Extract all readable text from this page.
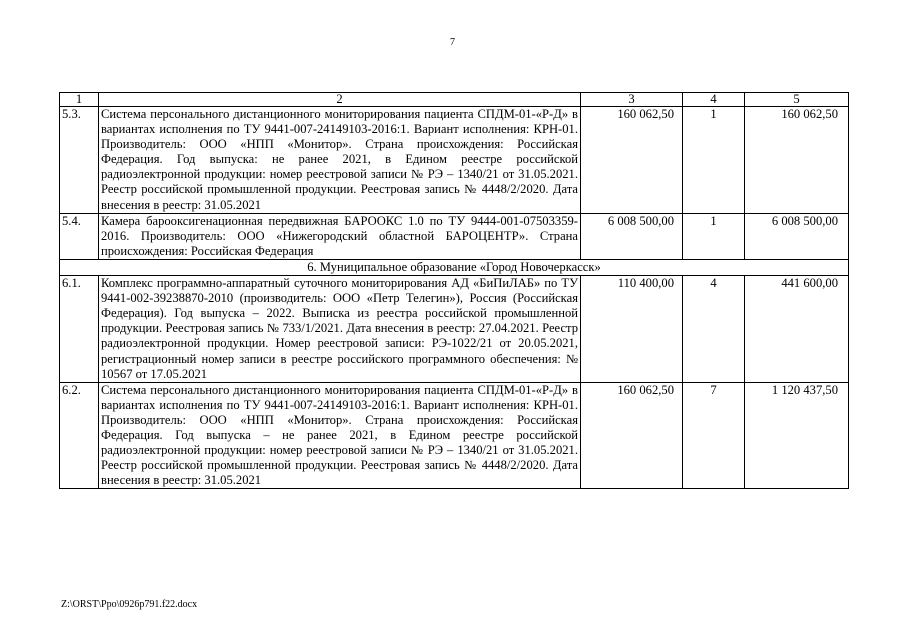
7
1	2	3	4	5
5.3.	Система персонального дистанционного мониторирования пациента СПДМ-01-«Р-Д» в вариантах исполнения по ТУ 9441-007-24149103-2016:1. Вариант исполнения: КРН-01. Производитель: ООО «НПП «Монитор». Страна происхождения: Российская Федерация. Год выпуска: не ранее 2021, в Едином реестре российской радиоэлектронной продукции: номер реестровой записи № РЭ – 1340/21 от 31.05.2021. Реестр российской промышленной продукции. Реестровая запись № 4448/2/2020. Дата внесения в реестр: 31.05.2021	160 062,50	1	160 062,50
5.4.	Камера барооксигенационная передвижная БАРООКС 1.0 по ТУ 9444-001-07503359-2016. Производитель: ООО «Нижегородский областной БАРОЦЕНТР». Страна происхождения: Российская Федерация	6 008 500,00	1	6 008 500,00
6. Муниципальное образование «Город Новочеркасск»				
6.1.	Комплекс программно-аппаратный суточного мониторирования АД «БиПиЛАБ» по ТУ 9441-002-39238870-2010 (производитель: ООО «Петр Телегин»), Россия (Российская Федерация). Год выпуска – 2022. Выписка из реестра российской промышленной продукции. Реестровая запись № 733/1/2021. Дата внесения в реестр: 27.04.2021. Реестр радиоэлектронной продукции. Номер реестровой записи: РЭ-1022/21 от 20.05.2021, регистрационный номер записи в реестре российского программного обеспечения: № 10567 от 17.05.2021	110 400,00	4	441 600,00
6.2.	Система персонального дистанционного мониторирования пациента СПДМ-01-«Р-Д» в вариантах исполнения по ТУ 9441-007-24149103-2016:1. Вариант исполнения: КРН-01. Производитель: ООО «НПП «Монитор». Страна происхождения: Российская Федерация. Год выпуска – не ранее 2021, в Едином реестре российской радиоэлектронной продукции: номер реестровой записи № РЭ – 1340/21 от 31.05.2021. Реестр российской промышленной продукции. Реестровая запись № 4448/2/2020. Дата внесения в реестр: 31.05.2021	160 062,50	7	1 120 437,50
Z:\ORST\Ppo\0926p791.f22.docx
